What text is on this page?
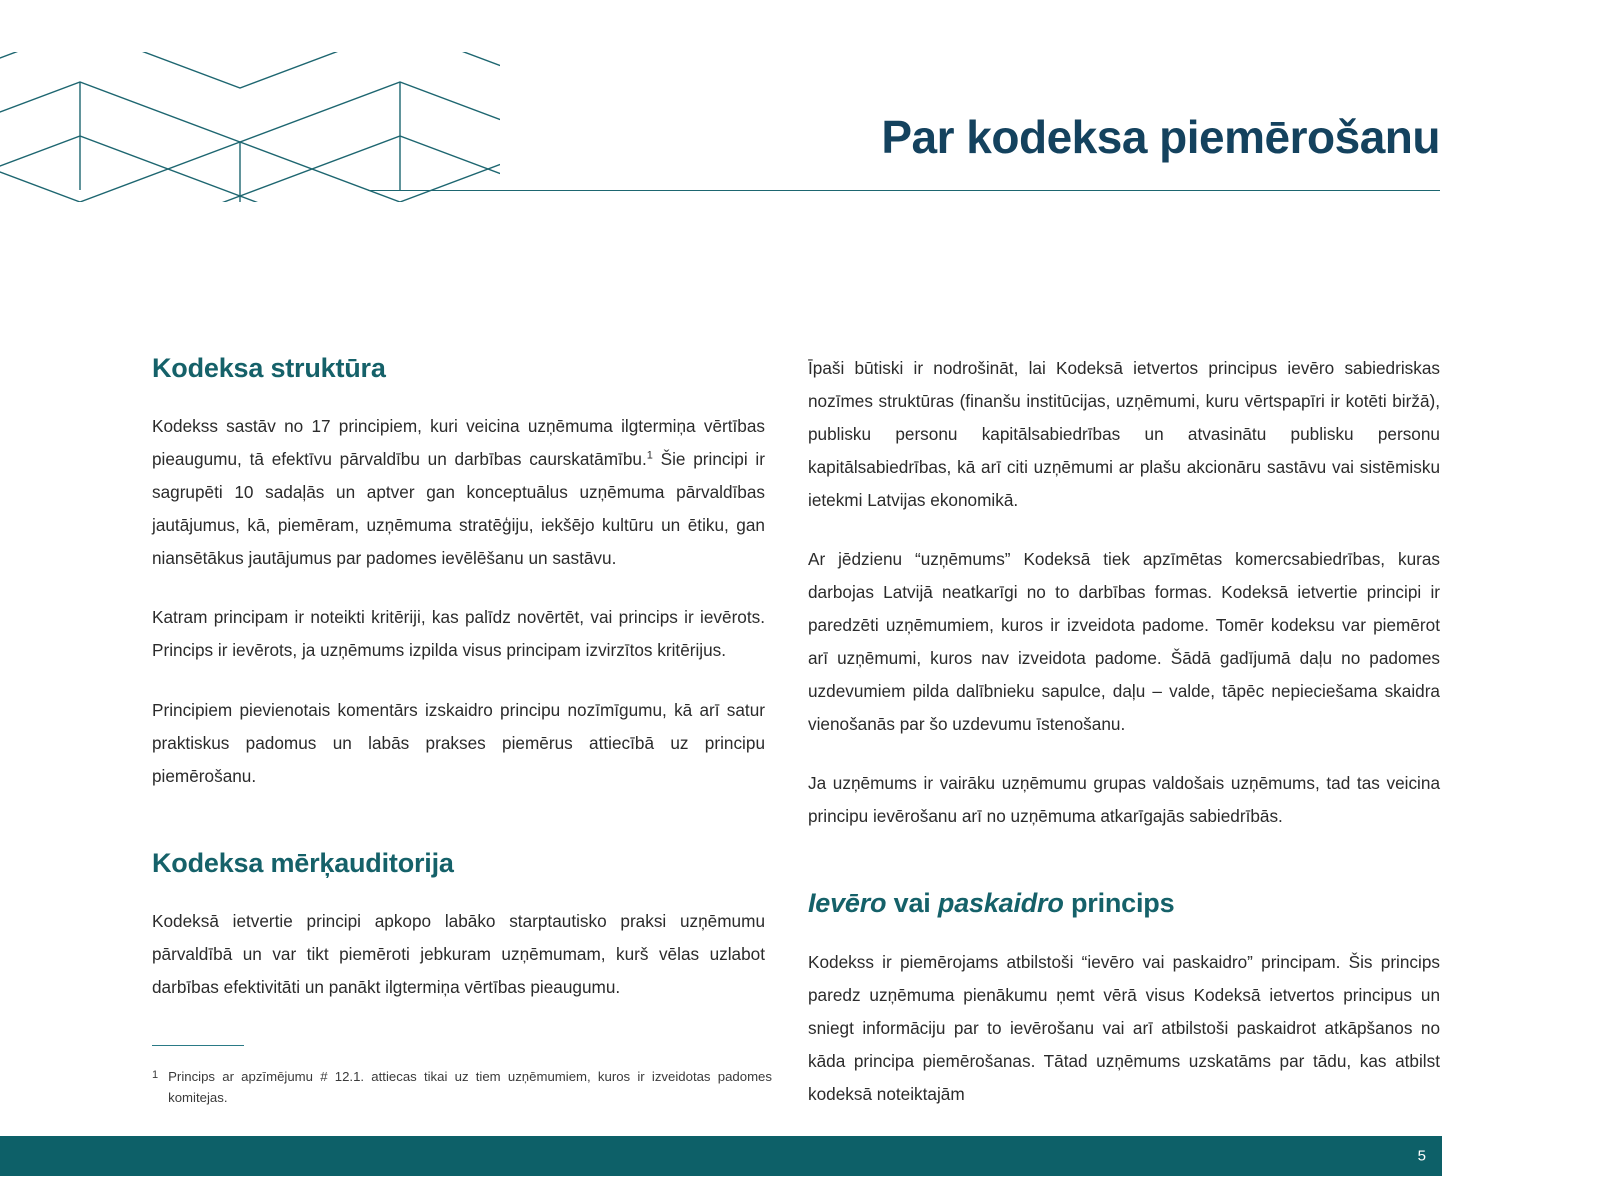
Par kodeksa piemērošanu
Kodeksa struktūra

Kodekss sastāv no 17 principiem, kuri veicina uzņēmuma ilgtermiņa vērtības pieaugumu, tā efektīvu pārvaldību un darbības caurskatāmību.$^1$ Šie principi ir sagrupēti 10 sadaļās un aptver gan konceptuālus uzņēmuma pārvaldības jautājumus, kā, piemēram, uzņēmuma stratēģiju, iekšējo kultūru un ētiku, gan niansētākus jautājumus par padomes ievēlēšanu un sastāvu.

Katram principam ir noteikti kritēriji, kas palīdz novērtēt, vai princips ir ievērots. Princips ir ievērots, ja uzņēmums izpilda visus principam izvirzītos kritērijus.

Principiem pievienotais komentārs izskaidro principu nozīmīgumu, kā arī satur praktiskus padomus un labās prakses piemērus attiecībā uz principu piemērošanu.

Kodeksa mērķauditorija

Kodeksā ietvertie principi apkopo labāko starptautisko praksi uzņēmumu pārvaldībā un var tikt piemēroti jebkuram uzņēmumam, kurš vēlas uzlabot darbības efektivitāti un panākt ilgtermiņa vērtības pieaugumu.

Īpaši būtiski ir nodrošināt, lai Kodeksā ietvertos principus ievēro sabiedriskas nozīmes struktūras (finanšu institūcijas, uzņēmumi, kuru vērtspapīri ir kotēti biržā), publisku personu kapitālsabiedrības un atvasinātu publisku personu kapitālsabiedrības, kā arī citi uzņēmumi ar plašu akcionāru sastāvu vai sistēmisku ietekmi Latvijas ekonomikā.

Ar jēdzienu “uzņēmums” Kodeksā tiek apzīmētas komercsabiedrības, kuras darbojas Latvijā neatkarīgi no to darbības formas. Kodeksā ietvertie principi ir paredzēti uzņēmumiem, kuros ir izveidota padome. Tomēr kodeksu var piemērot arī uzņēmumi, kuros nav izveidota padome. Šādā gadījumā daļu no padomes uzdevumiem pilda dalībnieku sapulce, daļu – valde, tāpēc nepieciešama skaidra vienošanās par šo uzdevumu īstenošanu.

Ja uzņēmums ir vairāku uzņēmumu grupas valdošais uzņēmums, tad tas veicina principu ievērošanu arī no uzņēmuma atkarīgajās sabiedrībās.

Ievēro vai paskaidro princips

Kodekss ir piemērojams atbilstoši “ievēro vai paskaidro” principam. Šis princips paredz uzņēmuma pienākumu ņemt vērā visus Kodeksā ietvertos principus un sniegt informāciju par to ievērošanu vai arī atbilstoši paskaidrot atkāpšanos no kāda principa piemērošanas. Tātad uzņēmums uzskatāms par tādu, kas atbilst kodeksā noteiktajām

1 Princips ar apzīmējumu # 12.1. attiecas tikai uz tiem uzņēmumiem, kuros ir izveidotas padomes komitejas.
5
